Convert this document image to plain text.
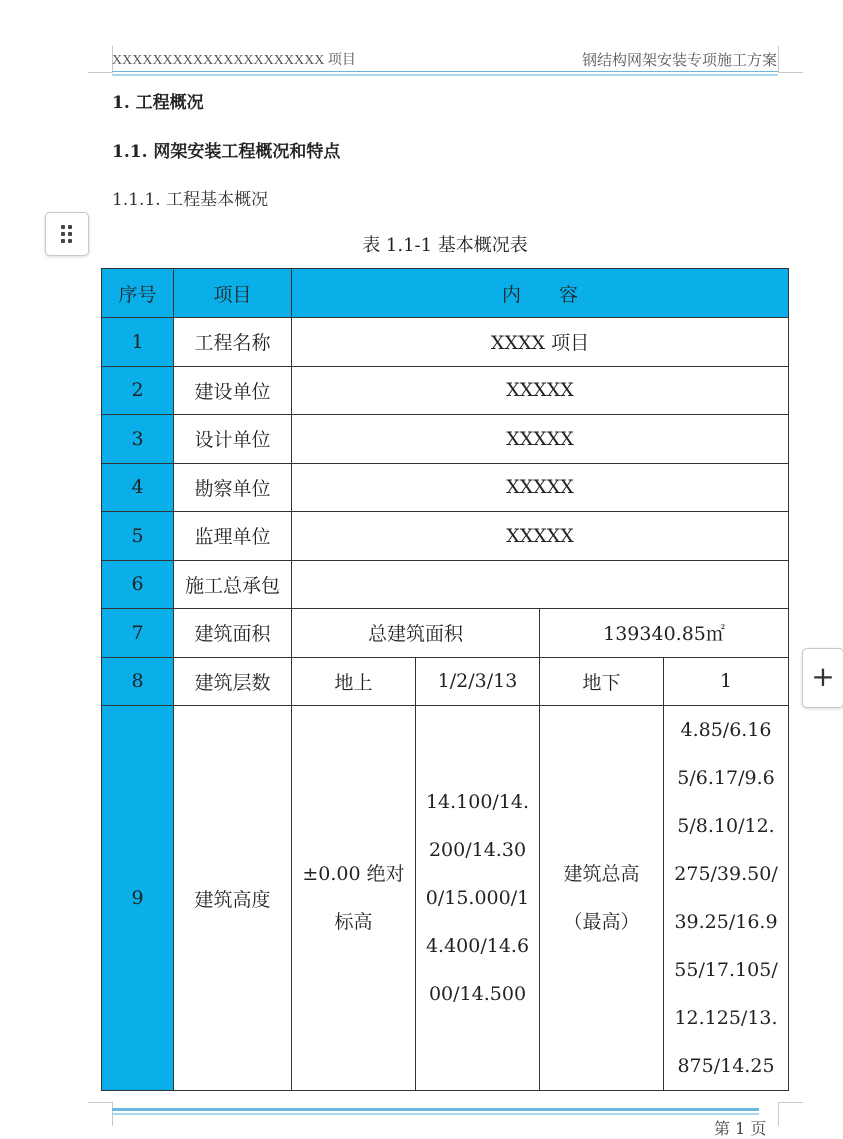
XXXXXXXXXXXXXXXXXXXXX 项目	钢结构网架安装专项施工方案
1. 工程概况
1.1. 网架安装工程概况和特点
1.1.1. 工程基本概况
表 1.1-1 基本概况表
序号	项目	内　　容			
1	工程名称	XXXX 项目			
2	建设单位	XXXXX			
3	设计单位	XXXXX			
4	勘察单位	XXXXX			
5	监理单位	XXXXX			
6	施工总承包				
7	建筑面积	总建筑面积		139340.85㎡	
8	建筑层数	地上	1/2/3/13	地下	1
9	建筑高度	±0.00 绝对标高	14.100/14.200/14.300/15.000/14.400/14.600/14.500	建筑总高（最高）	4.85/6.165/6.17/9.65/8.10/12.275/39.50/39.25/16.955/17.105/12.125/13.875/14.25
+
第 1 页
